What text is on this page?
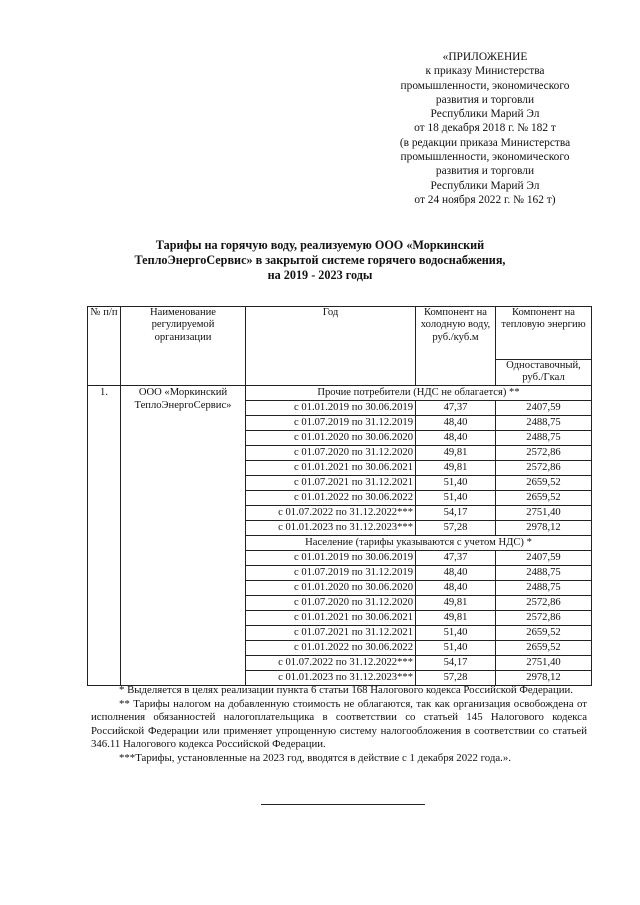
«ПРИЛОЖЕНИЕ
к приказу Министерства
промышленности, экономического
развития и торговли
Республики Марий Эл
от 18 декабря 2018 г. № 182 т
(в редакции приказа Министерства
промышленности, экономического
развития и торговли
Республики Марий Эл
от 24 ноября 2022 г. № 162 т)
Тарифы на горячую воду, реализуемую ООО «Моркинский
ТеплоЭнергоСервис» в закрытой системе горячего водоснабжения,
на 2019 - 2023 годы
№ п/п	Наименование регулируемой организации	Год	Компонент на холодную воду, руб./куб.м	Компонент на тепловую энергию
				Одноставочный, руб./Гкал
1.	ООО «Моркинский ТеплоЭнергоСервис»	Прочие потребители (НДС не облагается) **		
		с 01.01.2019 по 30.06.2019	47,37	2407,59
		с 01.07.2019 по 31.12.2019	48,40	2488,75
		с 01.01.2020 по 30.06.2020	48,40	2488,75
		с 01.07.2020 по 31.12.2020	49,81	2572,86
		с 01.01.2021 по 30.06.2021	49,81	2572,86
		с 01.07.2021 по 31.12.2021	51,40	2659,52
		с 01.01.2022 по 30.06.2022	51,40	2659,52
		с 01.07.2022 по 31.12.2022***	54,17	2751,40
		с 01.01.2023 по 31.12.2023***	57,28	2978,12
		Население (тарифы указываются с учетом НДС) *		
		с 01.01.2019 по 30.06.2019	47,37	2407,59
		с 01.07.2019 по 31.12.2019	48,40	2488,75
		с 01.01.2020 по 30.06.2020	48,40	2488,75
		с 01.07.2020 по 31.12.2020	49,81	2572,86
		с 01.01.2021 по 30.06.2021	49,81	2572,86
		с 01.07.2021 по 31.12.2021	51,40	2659,52
		с 01.01.2022 по 30.06.2022	51,40	2659,52
		с 01.07.2022 по 31.12.2022***	54,17	2751,40
		с 01.01.2023 по 31.12.2023***	57,28	2978,12

* Выделяется в целях реализации пункта 6 статьи 168 Налогового кодекса Российской Федерации.

** Тарифы налогом на добавленную стоимость не облагаются, так как организация освобождена от исполнения обязанностей налогоплательщика в соответствии со статьей 145 Налогового кодекса Российской Федерации или применяет упрощенную систему налогообложения в соответствии со статьей 346.11 Налогового кодекса Российской Федерации.

***Тарифы, установленные на 2023 год, вводятся в действие с 1 декабря 2022 года.».
